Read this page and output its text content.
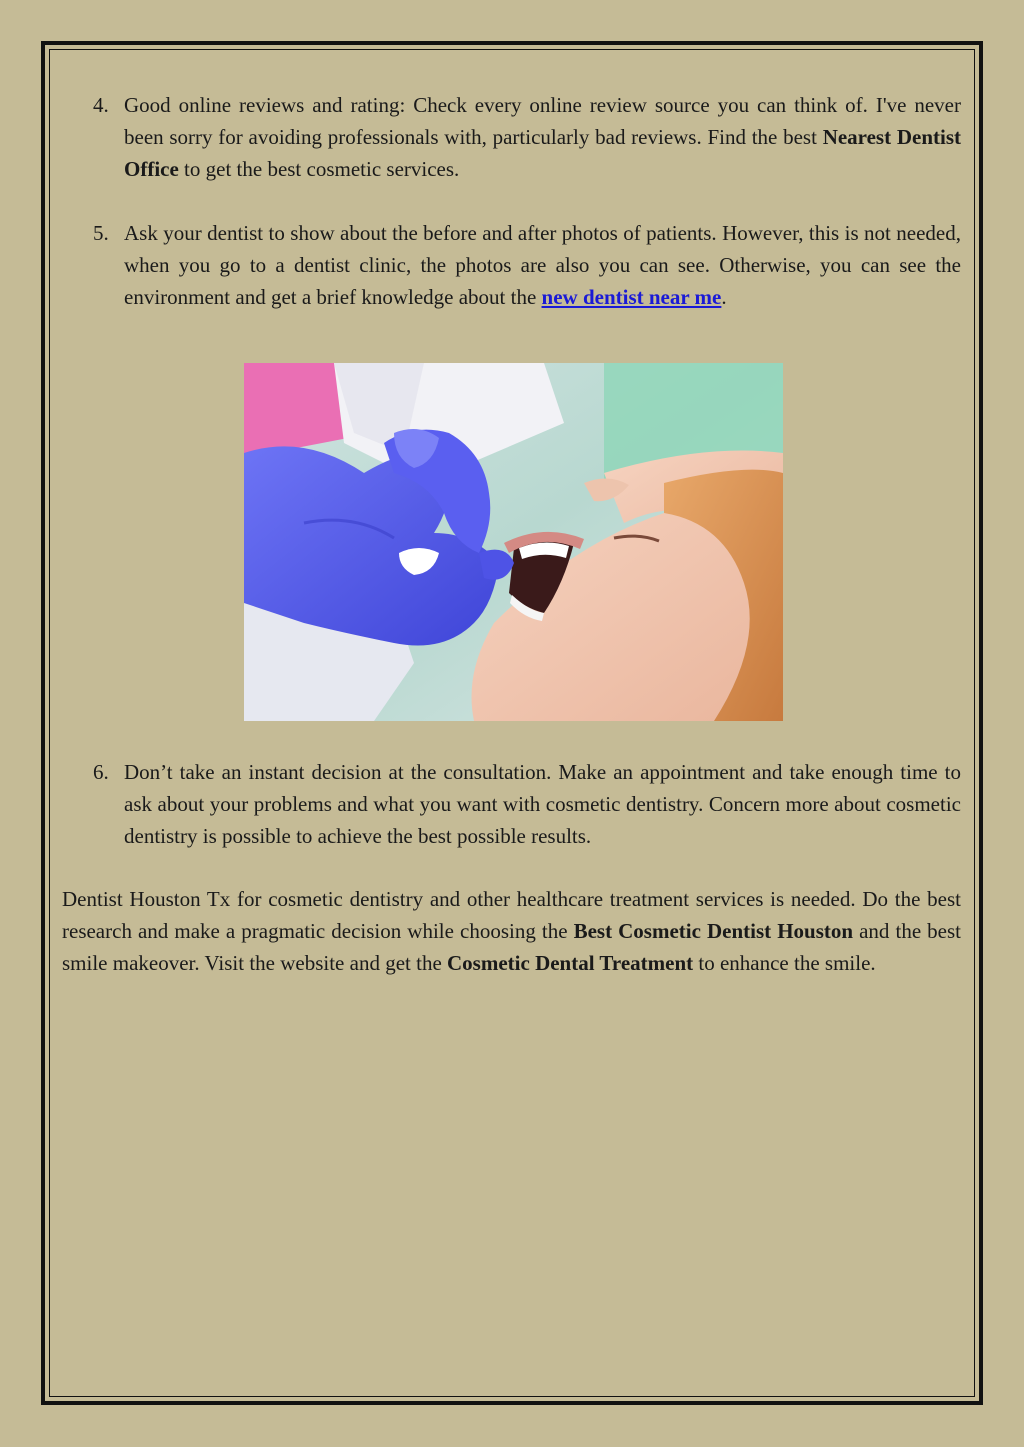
4. Good online reviews and rating: Check every online review source you can think of. I've never been sorry for avoiding professionals with, particularly bad reviews. Find the best Nearest Dentist Office to get the best cosmetic services.
5. Ask your dentist to show about the before and after photos of patients. However, this is not needed, when you go to a dentist clinic, the photos are also you can see. Otherwise, you can see the environment and get a brief knowledge about the new dentist near me.
6. Don’t take an instant decision at the consultation. Make an appointment and take enough time to ask about your problems and what you want with cosmetic dentistry. Concern more about cosmetic dentistry is possible to achieve the best possible results.
Dentist Houston Tx for cosmetic dentistry and other healthcare treatment services is needed. Do the best research and make a pragmatic decision while choosing the Best Cosmetic Dentist Houston and the best smile makeover. Visit the website and get the Cosmetic Dental Treatment to enhance the smile.
